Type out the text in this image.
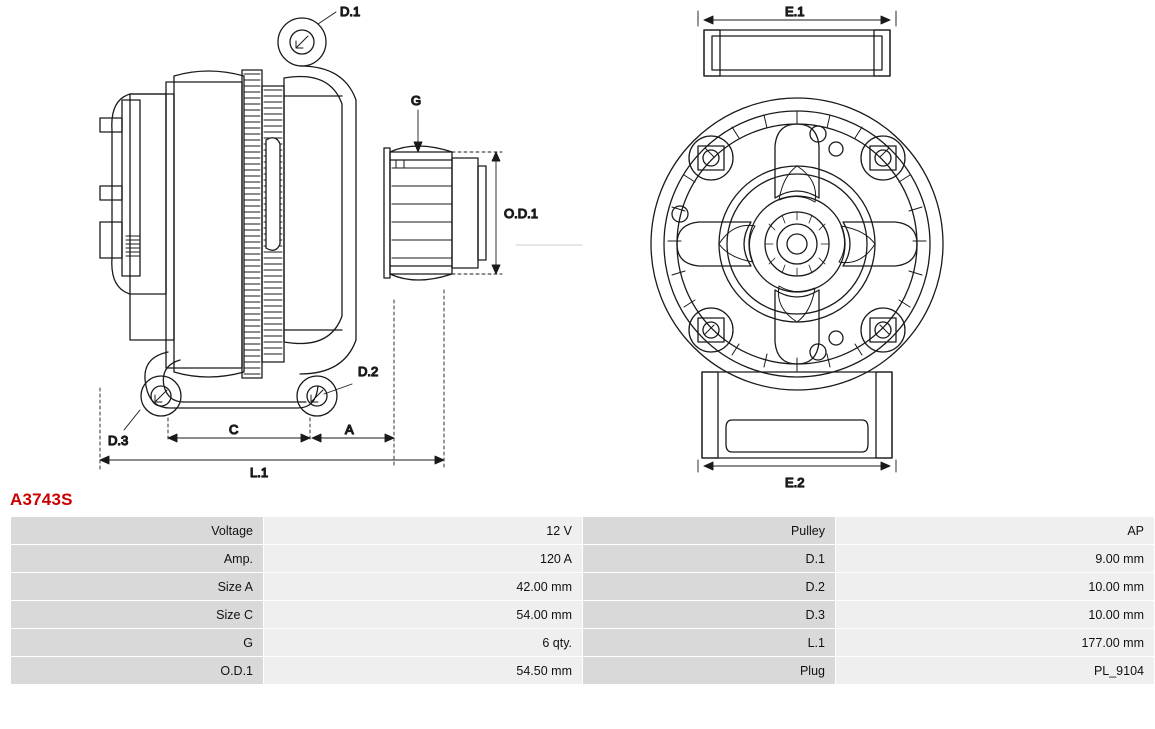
D.1
D.2
D.3
G
A
C
L.1
O.D.1
E.1
E.2
A3743S
Voltage	12 V	Pulley	AP
Amp.	120 A	D.1	9.00 mm
Size A	42.00 mm	D.2	10.00 mm
Size C	54.00 mm	D.3	10.00 mm
G	6 qty.	L.1	177.00 mm
O.D.1	54.50 mm	Plug	PL_9104
